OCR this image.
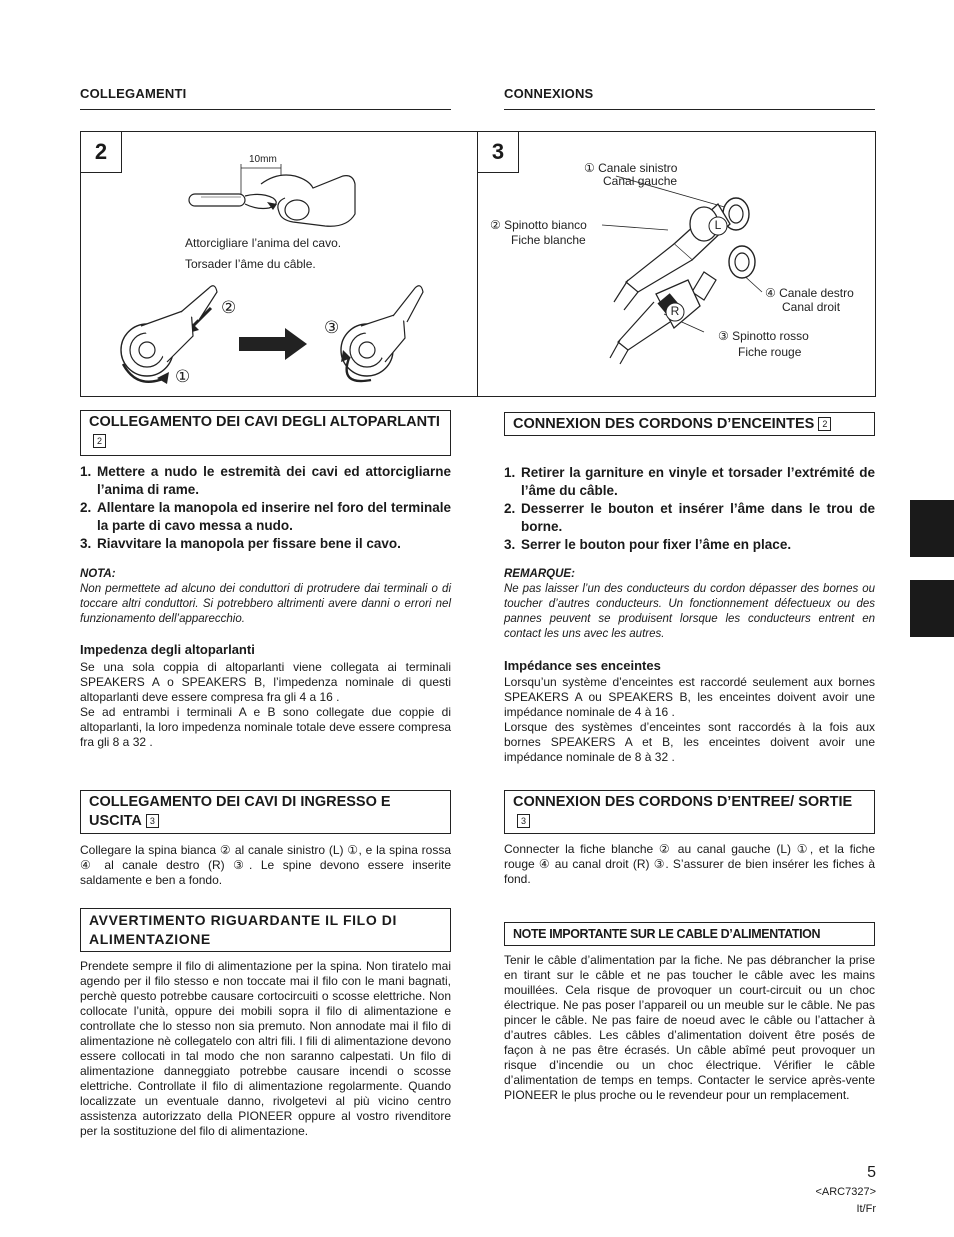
COLLEGAMENTI	CONNEXIONS
2	10mm
Attorcigliare l’anima del cavo.
Torsader l’âme du câble.
②
①
③
3
L
R
① Canale sinistro
Canal gauche
② Spinotto bianco
Fiche blanche
④ Canale destro
Canal droit
③ Spinotto rosso
Fiche rouge
COLLEGAMENTO DEI CAVI DEGLI ALTOPARLANTI2
1. Mettere a nudo le estremità dei cavi ed attorcigliarne l’anima di rame.
2. Allentare la manopola ed inserire nel foro del terminale la parte di cavo messa a nudo.
3. Riavvitare la manopola per fissare bene il cavo.
NOTA:
Non permettete ad alcuno dei conduttori di protrudere dai terminali o di toccare altri conduttori. Si potrebbero altrimenti avere danni o errori nel funzionamento dell’apparecchio.
Impedenza degli altoparlanti
Se una sola coppia di altoparlanti viene collegata ai terminali SPEAKERS A o SPEAKERS B, l’impedenza nominale di questi altoparlanti deve essere compresa fra gli 4 a 16 .
Se ad entrambi i terminali A e B sono collegate due coppie di altoparlanti, la loro impedenza nominale totale deve essere compresa fra gli 8 a 32 .
COLLEGAMENTO DEI CAVI DI INGRESSO E USCITA 3
Collegare la spina bianca ② al canale sinistro (L) ①, e la spina rossa ④ al canale destro (R) ③. Le spine devono essere inserite saldamente e ben a fondo.
AVVERTIMENTO RIGUARDANTE IL FILO DI ALIMENTAZIONE
Prendete sempre il filo di alimentazione per la spina. Non tiratelo mai agendo per il filo stesso e non toccate mai il filo con le mani bagnati, perchè questo potrebbe causare cortocircuiti o scosse elettriche. Non collocate l’unità, oppure dei mobili sopra il filo di alimentazione e controllate che lo stesso non sia premuto. Non annodate mai il filo di alimentazione nè collegatelo con altri fili. I fili di alimentazione devono essere collocati in tal modo che non saranno calpestati. Un filo di alimentazione danneggiato potrebbe causare incendi o scosse elettriche. Controllate il filo di alimentazione regolarmente. Quando localizzate un eventuale danno, rivolgetevi al più vicino centro assistenza autorizzato della PIONEER oppure al vostro rivenditore per la sostituzione del filo di alimentazione.
CONNEXION DES CORDONS D’ENCEINTES 2
1. Retirer la garniture en vinyle et torsader l’extrémité de l’âme du câble.
2. Desserrer le bouton et insérer l’âme dans le trou de borne.
3. Serrer le bouton pour fixer l’âme en place.
REMARQUE:
Ne pas laisser l’un des conducteurs du cordon dépasser des bornes ou toucher d’autres conducteurs. Un fonctionnement défectueux ou des pannes peuvent se produisent lorsque les conducteurs entrent en contact les uns avec les autres.
Impédance ses enceintes
Lorsqu’un système d’enceintes est raccordé seulement aux bornes SPEAKERS A ou SPEAKERS B, les enceintes doivent avoir une impédance nominale de 4 à 16 .
Lorsque des systèmes d’enceintes sont raccordés à la fois aux bornes SPEAKERS A et B, les enceintes doivent avoir une impédance nominale de 8 à 32 .
CONNEXION DES CORDONS D’ENTREE/ SORTIE3
Connecter la fiche blanche ② au canal gauche (L) ①, et la fiche rouge ④ au canal droit (R) ③. S’assurer de bien insérer les fiches à fond.
NOTE IMPORTANTE SUR LE CABLE D’ALIMENTATION
Tenir le câble d’alimentation par la fiche. Ne pas débrancher la prise en tirant sur le câble et ne pas toucher le câble avec les mains mouillées. Cela risque de provoquer un court-circuit ou un choc électrique. Ne pas poser l’appareil ou un meuble sur le câble. Ne pas pincer le câble. Ne pas faire de noeud avec le câble ou l’attacher à d’autres câbles. Les câbles d’alimentation doivent être posés de façon à ne pas être écrasés. Un câble abîmé peut provoquer un risque d’incendie ou un choc électrique. Vérifier le câble d’alimentation de temps en temps. Contacter le service après-vente PIONEER le plus proche ou le revendeur pour un remplacement.
5
<ARC7327>
It/Fr
